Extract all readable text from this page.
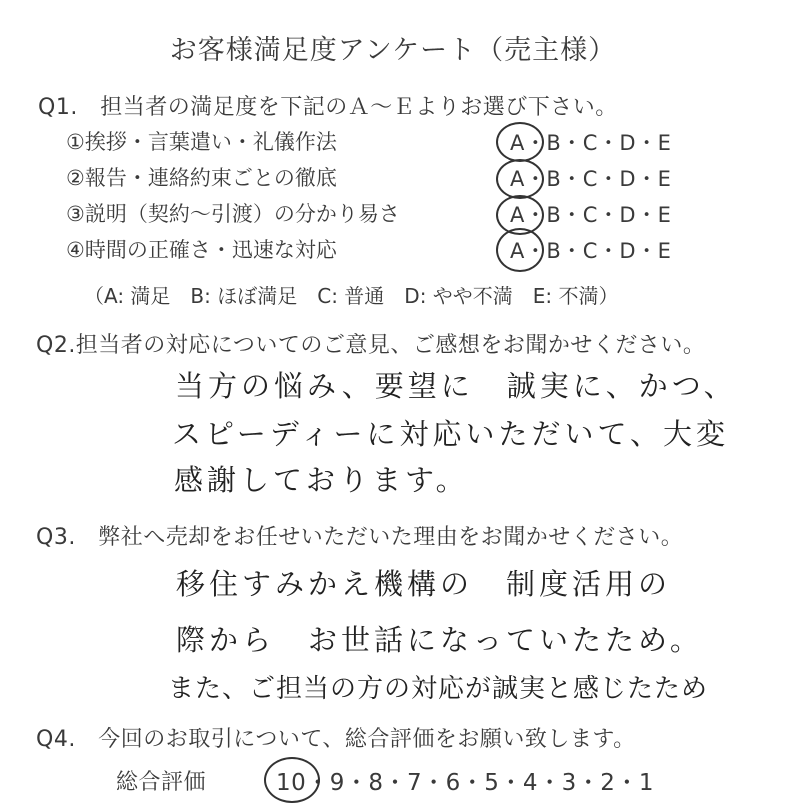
お客様満足度アンケート（売主様）
Q1.　担当者の満足度を下記のＡ～Ｅよりお選び下さい。
①挨拶・言葉遣い・礼儀作法
②報告・連絡約束ごとの徹底
③説明（契約～引渡）の分かり易さ
④時間の正確さ・迅速な対応
A・B・C・D・E
A・B・C・D・E
A・B・C・D・E
A・B・C・D・E
（A: 満足　B: ほぼ満足　C: 普通　D: やや不満　E: 不満）
Q2.担当者の対応についてのご意見、ご感想をお聞かせください。
当方の悩み、要望に　誠実に、かつ、
スピーディーに対応いただいて、大変
感謝しております。
Q3.　弊社へ売却をお任せいただいた理由をお聞かせください。
移住すみかえ機構の　制度活用の
際から　お世話になっていたため。
また、ご担当の方の対応が誠実と感じたため
Q4.　今回のお取引について、総合評価をお願い致します。
総合評価	10・9・8・7・6・5・4・3・2・1
